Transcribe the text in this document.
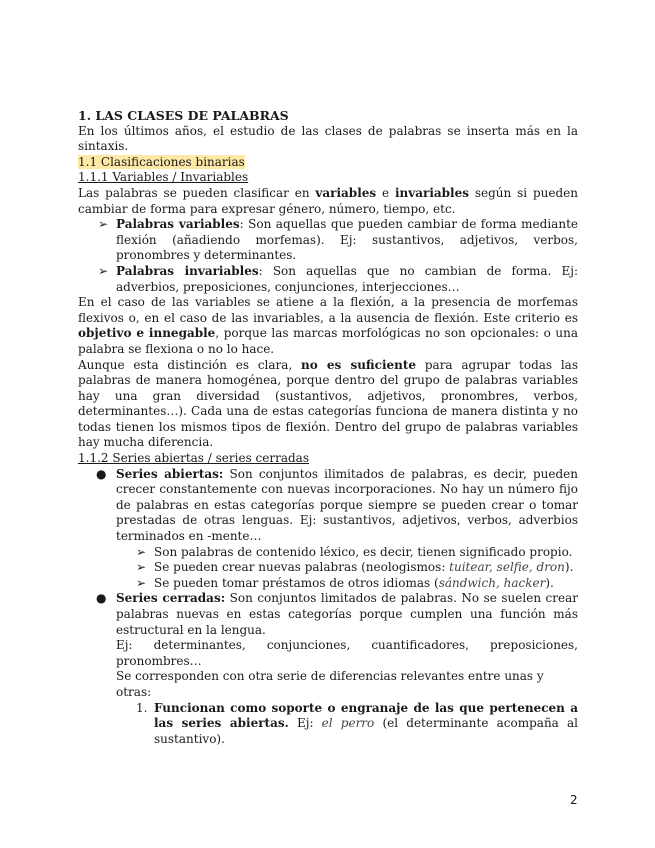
1. LAS CLASES DE PALABRAS
En los últimos años, el estudio de las clases de palabras se inserta más en la sintaxis.
1.1 Clasificaciones binarias
1.1.1 Variables / Invariables
Las palabras se pueden clasificar en variables e invariables según si pueden cambiar de forma para expresar género, número, tiempo, etc.
➢ Palabras variables: Son aquellas que pueden cambiar de forma mediante flexión (añadiendo morfemas). Ej: sustantivos, adjetivos, verbos, pronombres y determinantes.
➢ Palabras invariables: Son aquellas que no cambian de forma. Ej: adverbios, preposiciones, conjunciones, interjecciones…
En el caso de las variables se atiene a la flexión, a la presencia de morfemas flexivos o, en el caso de las invariables, a la ausencia de flexión. Este criterio es objetivo e innegable, porque las marcas morfológicas no son opcionales: o una palabra se flexiona o no lo hace.
Aunque esta distinción es clara, no es suficiente para agrupar todas las palabras de manera homogénea, porque dentro del grupo de palabras variables hay una gran diversidad (sustantivos, adjetivos, pronombres, verbos, determinantes…). Cada una de estas categorías funciona de manera distinta y no todas tienen los mismos tipos de flexión. Dentro del grupo de palabras variables hay mucha diferencia.
1.1.2 Series abiertas / series cerradas
● Series abiertas: Son conjuntos ilimitados de palabras, es decir, pueden crecer constantemente con nuevas incorporaciones. No hay un número fijo de palabras en estas categorías porque siempre se pueden crear o tomar prestadas de otras lenguas. Ej: sustantivos, adjetivos, verbos, adverbios terminados en -mente…
➢ Son palabras de contenido léxico, es decir, tienen significado propio.
➢ Se pueden crear nuevas palabras (neologismos: tuitear, selfie, dron).
➢ Se pueden tomar préstamos de otros idiomas (sándwich, hacker).
● Series cerradas: Son conjuntos limitados de palabras. No se suelen crear palabras nuevas en estas categorías porque cumplen una función más estructural en la lengua.
Ej: determinantes, conjunciones, cuantificadores, preposiciones, pronombres…
Se corresponden con otra serie de diferencias relevantes entre unas y otras:
1. Funcionan como soporte o engranaje de las que pertenecen a las series abiertas. Ej: el perro (el determinante acompaña al sustantivo).
2
